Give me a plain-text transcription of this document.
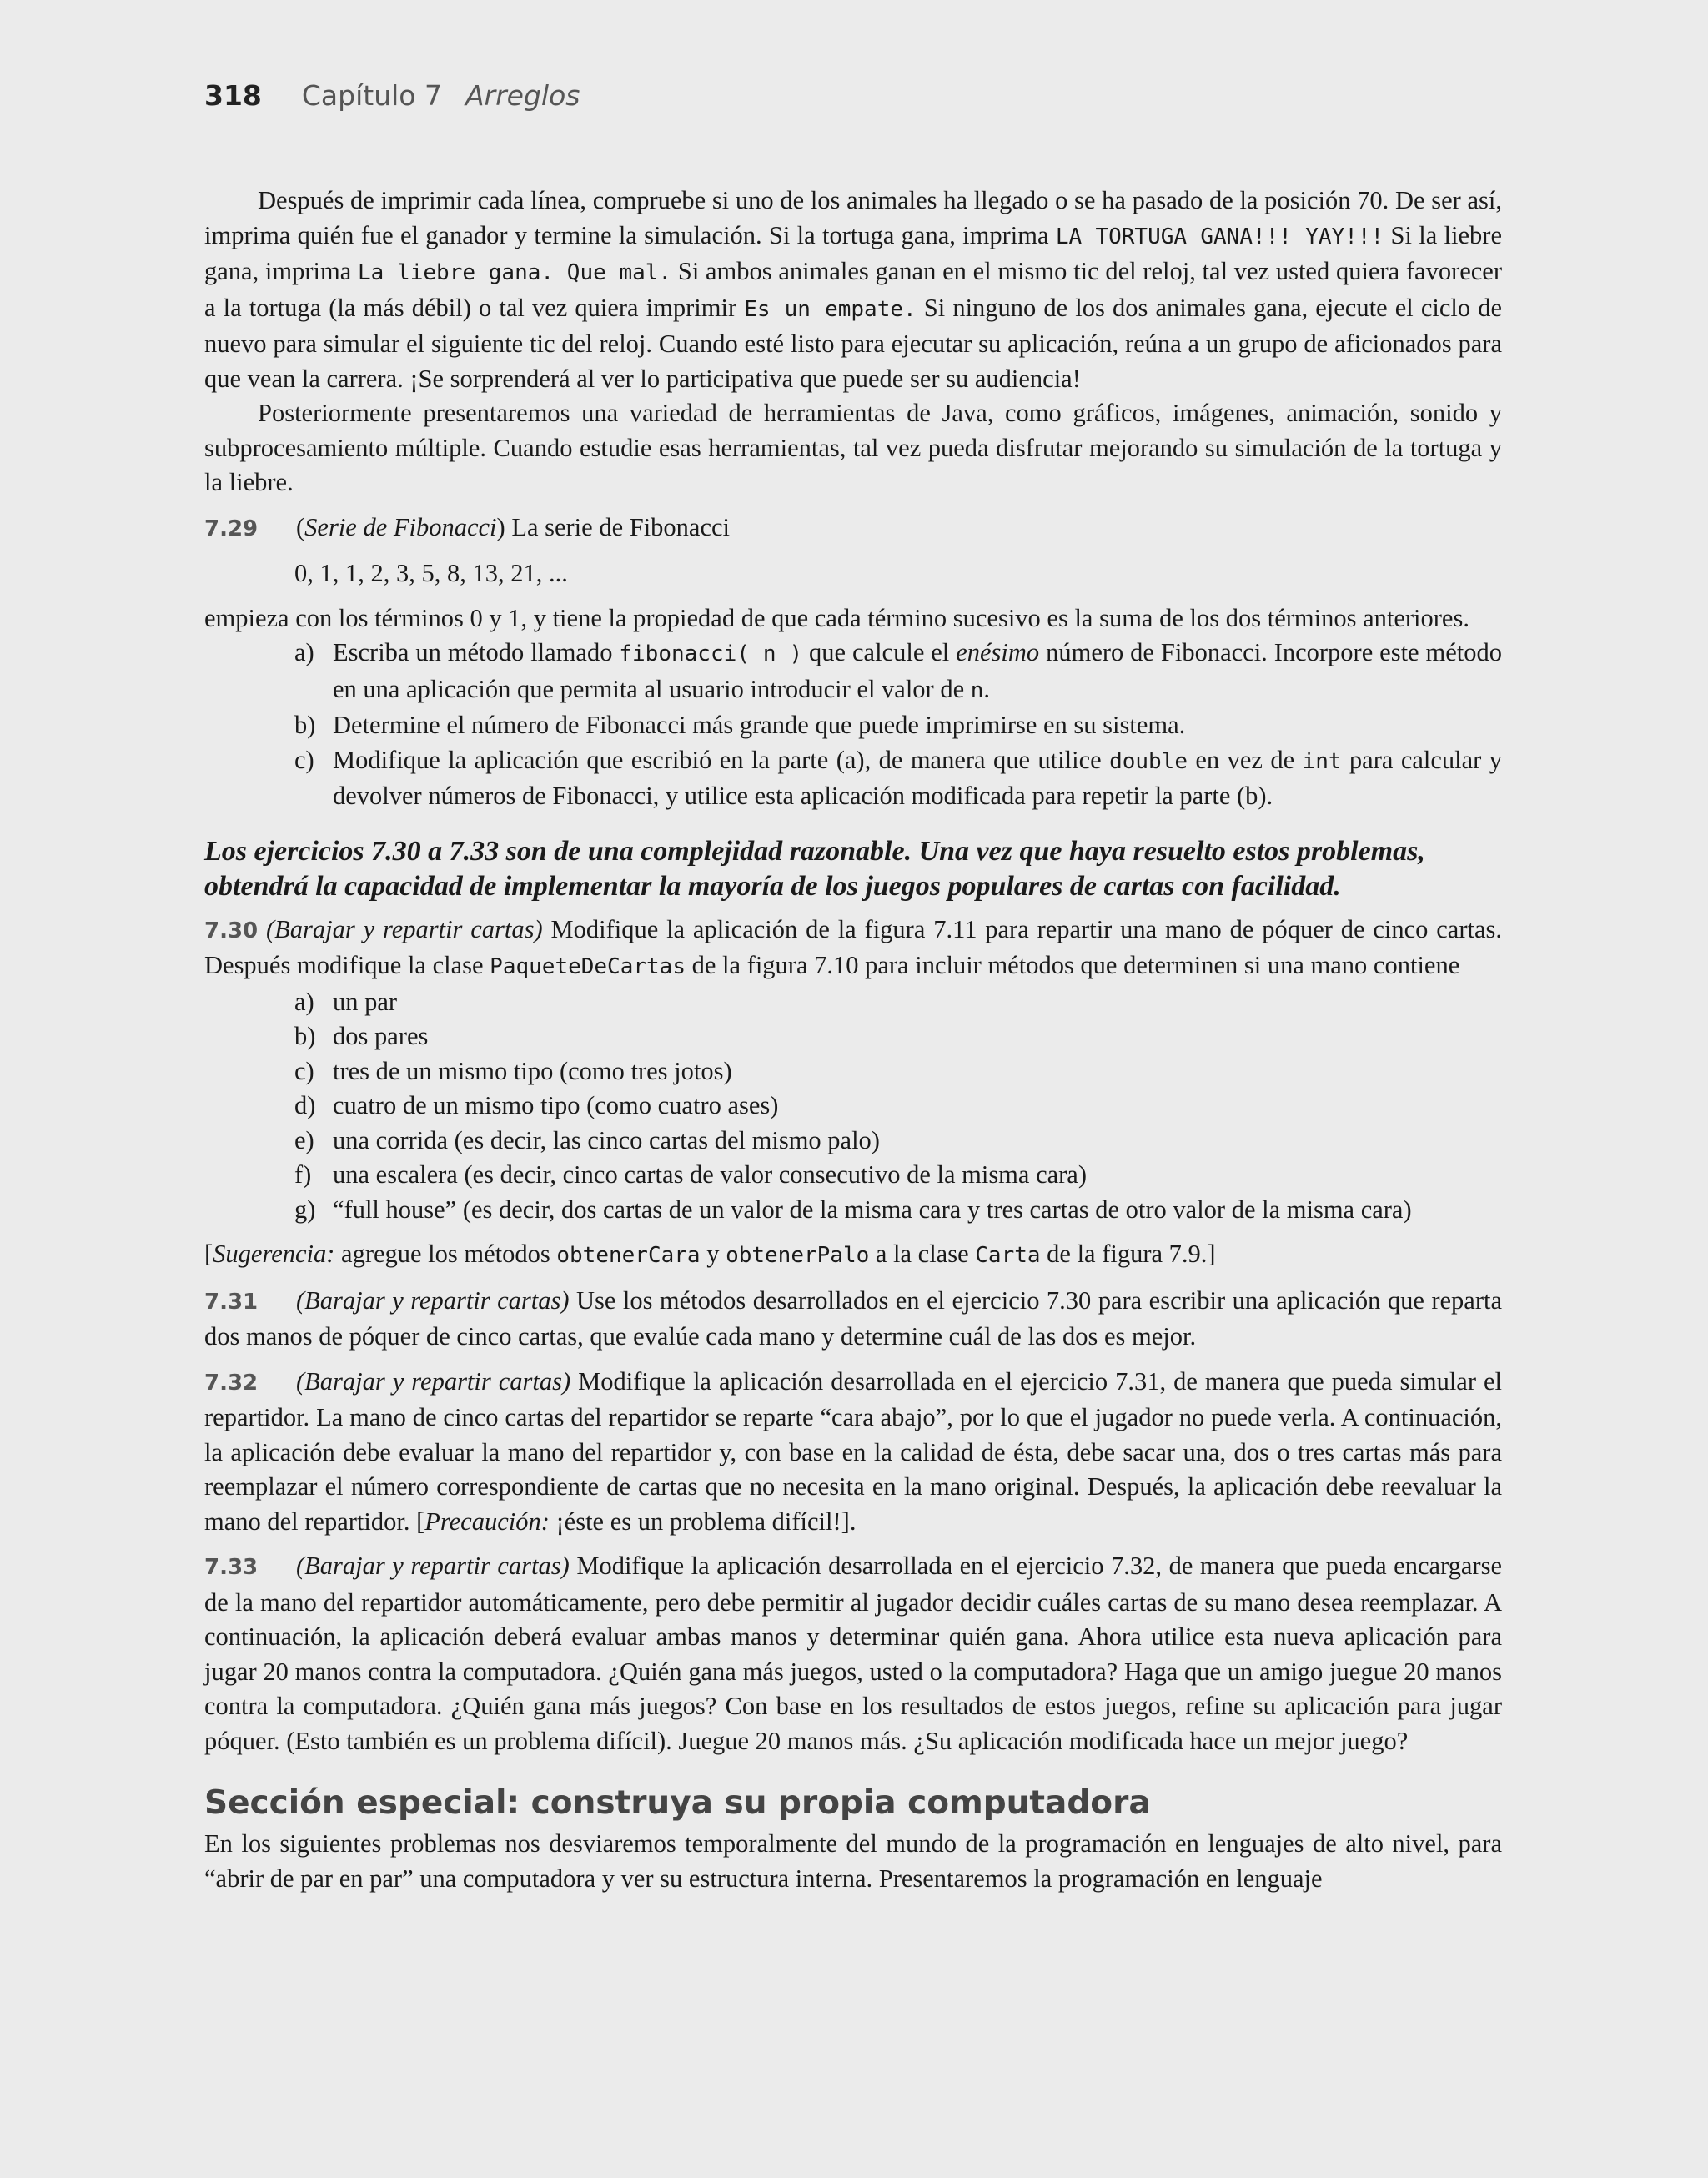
318 Capítulo 7 Arreglos

Después de imprimir cada línea, compruebe si uno de los animales ha llegado o se ha pasado de la posición 70. De ser así, imprima quién fue el ganador y termine la simulación. Si la tortuga gana, imprima LA TORTUGA GANA!!! YAY!!! Si la liebre gana, imprima La liebre gana. Que mal. Si ambos animales ganan en el mismo tic del reloj, tal vez usted quiera favorecer a la tortuga (la más débil) o tal vez quiera imprimir Es un empate. Si ninguno de los dos animales gana, ejecute el ciclo de nuevo para simular el siguiente tic del reloj. Cuando esté listo para ejecutar su aplicación, reúna a un grupo de aficionados para que vean la carrera. ¡Se sorprenderá al ver lo participativa que puede ser su audiencia!

Posteriormente presentaremos una variedad de herramientas de Java, como gráficos, imágenes, animación, sonido y subprocesamiento múltiple. Cuando estudie esas herramientas, tal vez pueda disfrutar mejorando su simulación de la tortuga y la liebre.

7.29 (Serie de Fibonacci) La serie de Fibonacci

0, 1, 1, 2, 3, 5, 8, 13, 21, ...

empieza con los términos 0 y 1, y tiene la propiedad de que cada término sucesivo es la suma de los dos términos anteriores.

a) Escriba un método llamado fibonacci( n ) que calcule el enésimo número de Fibonacci. Incorpore este método en una aplicación que permita al usuario introducir el valor de n.
b) Determine el número de Fibonacci más grande que puede imprimirse en su sistema.
c) Modifique la aplicación que escribió en la parte (a), de manera que utilice double en vez de int para calcular y devolver números de Fibonacci, y utilice esta aplicación modificada para repetir la parte (b).

Los ejercicios 7.30 a 7.33 son de una complejidad razonable. Una vez que haya resuelto estos problemas, obtendrá la capacidad de implementar la mayoría de los juegos populares de cartas con facilidad.

7.30 (Barajar y repartir cartas) Modifique la aplicación de la figura 7.11 para repartir una mano de póquer de cinco cartas. Después modifique la clase PaqueteDeCartas de la figura 7.10 para incluir métodos que determinen si una mano contiene

a) un par
b) dos pares
c) tres de un mismo tipo (como tres jotos)
d) cuatro de un mismo tipo (como cuatro ases)
e) una corrida (es decir, las cinco cartas del mismo palo)
f) una escalera (es decir, cinco cartas de valor consecutivo de la misma cara)
g) “full house” (es decir, dos cartas de un valor de la misma cara y tres cartas de otro valor de la misma cara)

[Sugerencia: agregue los métodos obtenerCara y obtenerPalo a la clase Carta de la figura 7.9.]

7.31 (Barajar y repartir cartas) Use los métodos desarrollados en el ejercicio 7.30 para escribir una aplicación que reparta dos manos de póquer de cinco cartas, que evalúe cada mano y determine cuál de las dos es mejor.

7.32 (Barajar y repartir cartas) Modifique la aplicación desarrollada en el ejercicio 7.31, de manera que pueda simular el repartidor. La mano de cinco cartas del repartidor se reparte “cara abajo”, por lo que el jugador no puede verla. A continuación, la aplicación debe evaluar la mano del repartidor y, con base en la calidad de ésta, debe sacar una, dos o tres cartas más para reemplazar el número correspondiente de cartas que no necesita en la mano original. Después, la aplicación debe reevaluar la mano del repartidor. [Precaución: ¡éste es un problema difícil!].

7.33 (Barajar y repartir cartas) Modifique la aplicación desarrollada en el ejercicio 7.32, de manera que pueda encargarse de la mano del repartidor automáticamente, pero debe permitir al jugador decidir cuáles cartas de su mano desea reemplazar. A continuación, la aplicación deberá evaluar ambas manos y determinar quién gana. Ahora utilice esta nueva aplicación para jugar 20 manos contra la computadora. ¿Quién gana más juegos, usted o la computadora? Haga que un amigo juegue 20 manos contra la computadora. ¿Quién gana más juegos? Con base en los resultados de estos juegos, refine su aplicación para jugar póquer. (Esto también es un problema difícil). Juegue 20 manos más. ¿Su aplicación modificada hace un mejor juego?

Sección especial: construya su propia computadora

En los siguientes problemas nos desviaremos temporalmente del mundo de la programación en lenguajes de alto nivel, para “abrir de par en par” una computadora y ver su estructura interna. Presentaremos la programación en lenguaje
